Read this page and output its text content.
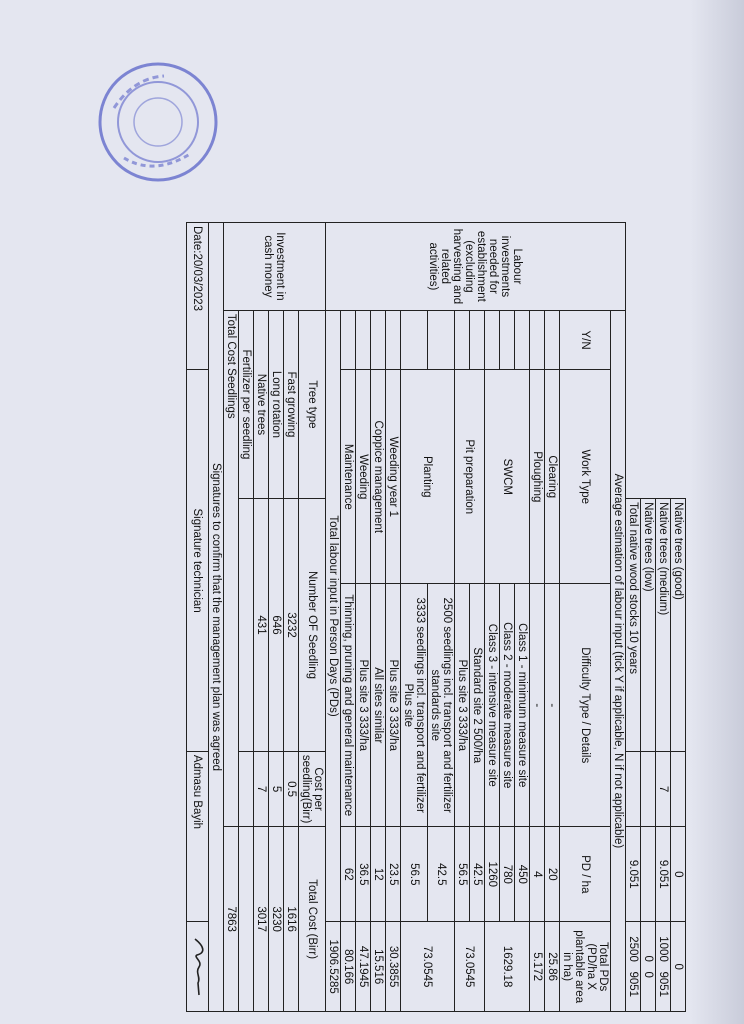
			Native trees (good)			0	0
			Native trees (medium)		7	9.051	1000   9051
			Native trees (low)				0   0
			Total native wood stocks 10 years			9.051	2500   9051
Labour investments needed for establishment (excluding harvesting and related activities)	Average estimation of labour input (tick Y if applicable, N if not applicable)						
	Y/N	Work Type		Difficulty Type / Details		PD / ha	Total PDs (PD/ha X plantable area in ha)
		Clearing		-		20	25.86
		Ploughing		-		4	5.172
		SWCM		Class 1 - minimum measure site		450	1629.18
				Class 2 - moderate measure site		780	
				Class 3 - intensive measure site		1260	
		Pit preparation		Standard site 2 500/ha		42.5	73.0545
				Plus site 3 333/ha		56.5	
		Planting		2500 seedlings incl. transport and fertilizer standards site		42.5	73.0545
				3333 seedlings incl. transport and fertilizer Plus site		56.5	
		Weeding year 1		Plus site 3 333/ha		23.5	30.3855
		Coppice management		All sites similar		12	15.516
		Weeding		Plus site 3 333/ha		36.5	47.1945
		Maintenance		Thinning, pruning and general maintenance		62	80.166
	Total labour input in Person Days (PDs)						1906.5285
Investment in cash money	Tree type		Number OF Seedling		Cost per seedling(Birr)	Total Cost (Birr)	
	Fast growing		3232		0.5	1616	
	Long rotation		646		5	3230	
	Native trees		431		7	3017	
	Fertilizer per seedling						
	Total Cost Seedlings					7863	
Signatures to confirm that the management plan was agreed							
Date:20/03/2023		Signature technician			Admasu Bayih	
